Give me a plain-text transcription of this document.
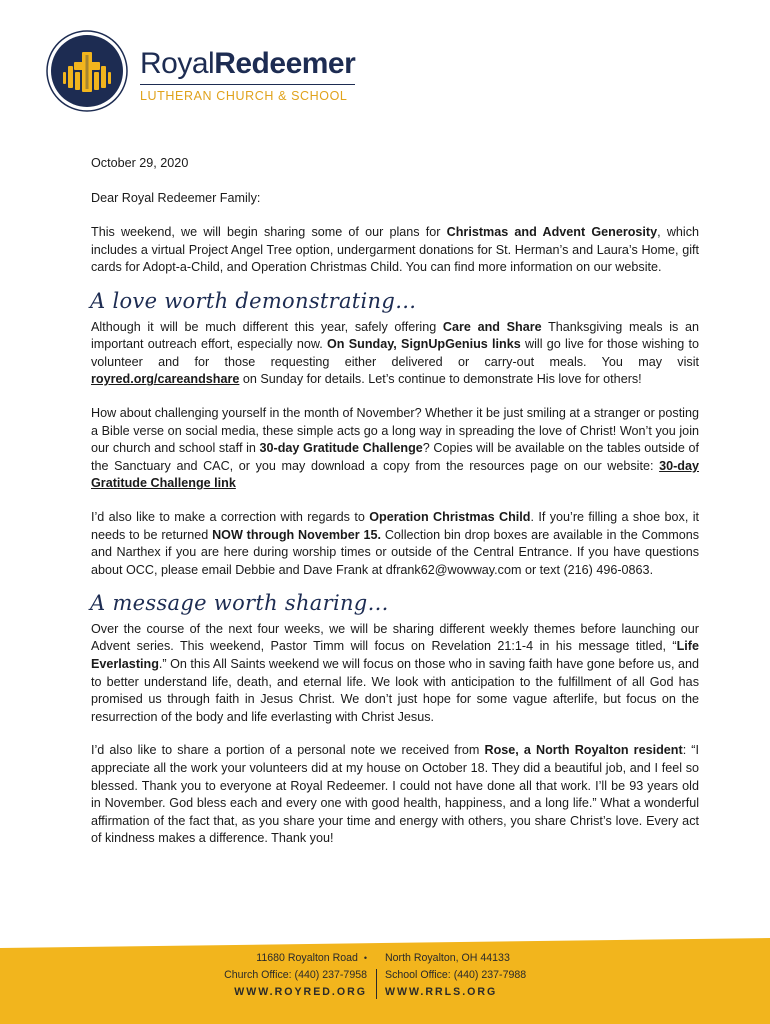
RoyalRedeemer
LUTHERAN CHURCH & SCHOOL

October 29, 2020

Dear Royal Redeemer Family:

This weekend, we will begin sharing some of our plans for Christmas and Advent Generosity, which includes a virtual Project Angel Tree option, undergarment donations for St. Herman’s and Laura’s Home, gift cards for Adopt-a-Child, and Operation Christmas Child. You can find more information on our website.

A love worth demonstrating…

Although it will be much different this year, safely offering Care and Share Thanksgiving meals is an important outreach effort, especially now. On Sunday, SignUpGenius links will go live for those wishing to volunteer and for those requesting either delivered or carry-out meals. You may visit royred.org/careandshare on Sunday for details. Let’s continue to demonstrate His love for others!

How about challenging yourself in the month of November? Whether it be just smiling at a stranger or posting a Bible verse on social media, these simple acts go a long way in spreading the love of Christ! Won’t you join our church and school staff in 30-day Gratitude Challenge? Copies will be available on the tables outside of the Sanctuary and CAC, or you may download a copy from the resources page on our website: 30-day Gratitude Challenge link

I’d also like to make a correction with regards to Operation Christmas Child. If you’re filling a shoe box, it needs to be returned NOW through November 15. Collection bin drop boxes are available in the Commons and Narthex if you are here during worship times or outside of the Central Entrance. If you have questions about OCC, please email Debbie and Dave Frank at dfrank62@wowway.com or text (216) 496-0863.

A message worth sharing…

Over the course of the next four weeks, we will be sharing different weekly themes before launching our Advent series. This weekend, Pastor Timm will focus on Revelation 21:1-4 in his message titled, “Life Everlasting.” On this All Saints weekend we will focus on those who in saving faith have gone before us, and to better understand life, death, and eternal life. We look with anticipation to the fulfillment of all God has promised us through faith in Jesus Christ. We don’t just hope for some vague afterlife, but focus on the resurrection of the body and life everlasting with Christ Jesus.

I’d also like to share a portion of a personal note we received from Rose, a North Royalton resident: “I appreciate all the work your volunteers did at my house on October 18. They did a beautiful job, and I feel so blessed. Thank you to everyone at Royal Redeemer. I could not have done all that work. I’ll be 93 years old in November. God bless each and every one with good health, happiness, and a long life.” What a wonderful affirmation of the fact that, as you share your time and energy with others, you share Christ’s love. Every act of kindness makes a difference. Thank you!

11680 Royalton Road • North Royalton, OH 44133
Church Office: (440) 237-7958 School Office: (440) 237-7988
WWW.ROYRED.ORG WWW.RRLS.ORG
